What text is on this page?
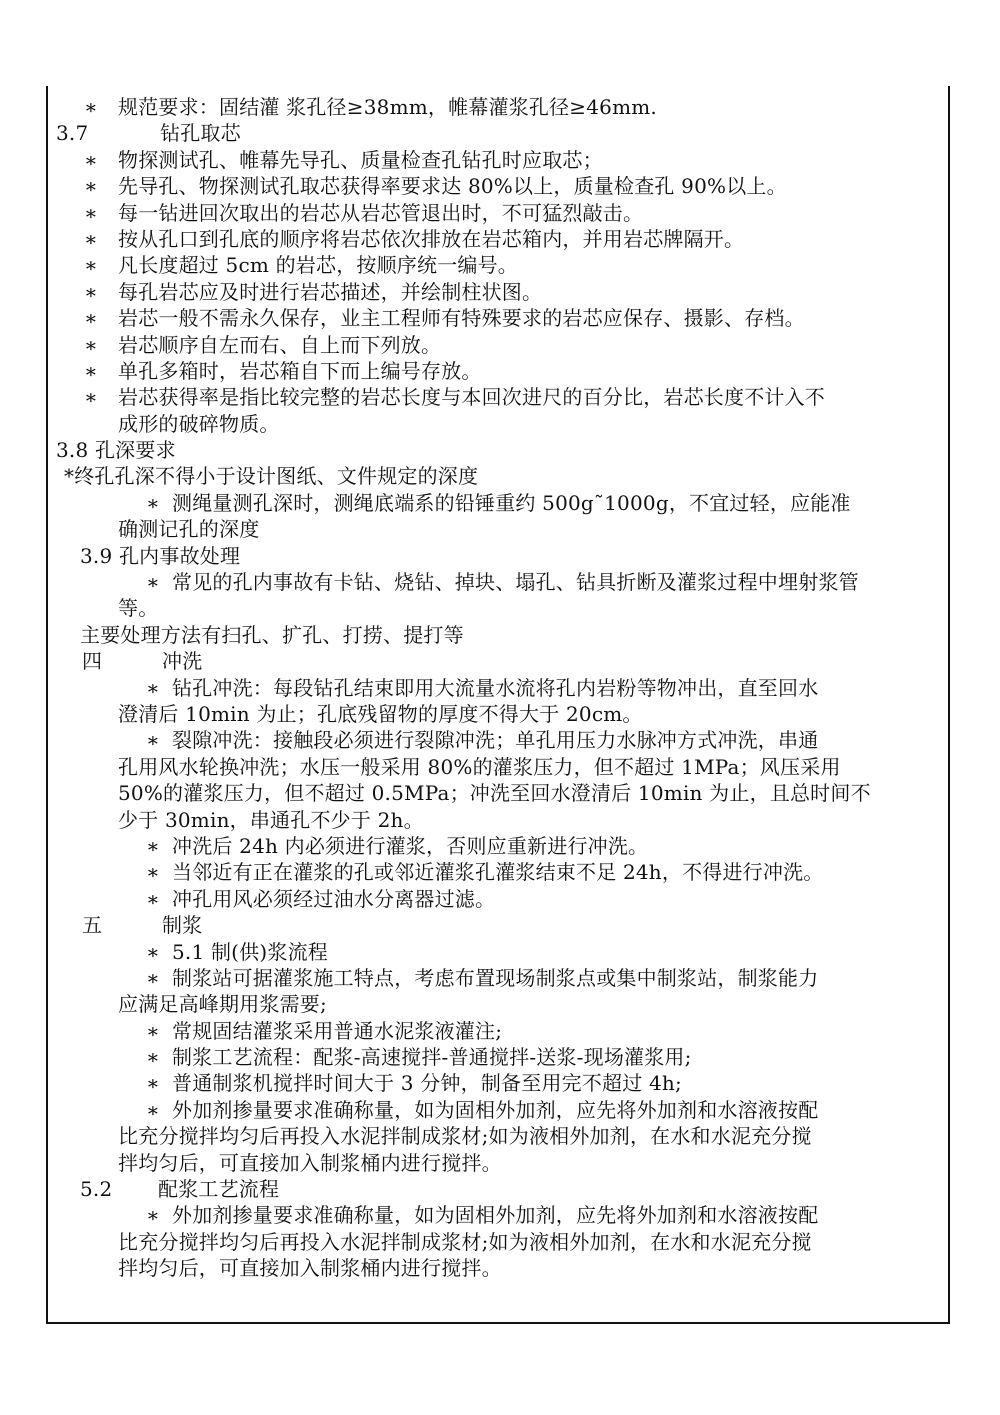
∗ 规范要求：固结灌 浆孔径≥38mm，帷幕灌浆孔径≥46mm.
3.7	钻孔取芯
∗ 物探测试孔、帷幕先导孔、质量检查孔钻孔时应取芯；
∗ 先导孔、物探测试孔取芯获得率要求达 80%以上，质量检查孔 90%以上。
∗ 每一钻进回次取出的岩芯从岩芯管退出时，不可猛烈敲击。
∗ 按从孔口到孔底的顺序将岩芯依次排放在岩芯箱内，并用岩芯牌隔开。
∗ 凡长度超过 5cm 的岩芯，按顺序统一编号。
∗ 每孔岩芯应及时进行岩芯描述，并绘制柱状图。
∗ 岩芯一般不需永久保存，业主工程师有特殊要求的岩芯应保存、摄影、存档。
∗ 岩芯顺序自左而右、自上而下列放。
∗ 单孔多箱时，岩芯箱自下而上编号存放。
∗ 岩芯获得率是指比较完整的岩芯长度与本回次进尺的百分比，岩芯长度不计入不
成形的破碎物质。
3.8 孔深要求
*终孔孔深不得小于设计图纸、文件规定的深度
∗ 测绳量测孔深时，测绳底端系的铅锤重约 500g˜1000g，不宜过轻，应能准
确测记孔的深度
3.9 孔内事故处理
∗ 常见的孔内事故有卡钻、烧钻、掉块、塌孔、钻具折断及灌浆过程中埋射浆管
等。
主要处理方法有扫孔、扩孔、打捞、提打等
四	冲洗
∗ 钻孔冲洗：每段钻孔结束即用大流量水流将孔内岩粉等物冲出，直至回水
澄清后 10min 为止；孔底残留物的厚度不得大于 20cm。
∗ 裂隙冲洗：接触段必须进行裂隙冲洗；单孔用压力水脉冲方式冲洗，串通
孔用风水轮换冲洗；水压一般采用 80%的灌浆压力，但不超过 1MPa；风压采用
50%的灌浆压力，但不超过 0.5MPa；冲洗至回水澄清后 10min 为止，且总时间不
少于 30min，串通孔不少于 2h。
∗ 冲洗后 24h 内必须进行灌浆，否则应重新进行冲洗。
∗ 当邻近有正在灌浆的孔或邻近灌浆孔灌浆结束不足 24h，不得进行冲洗。
∗ 冲孔用风必须经过油水分离器过滤。
五	制浆
∗ 5.1 制(供)浆流程
∗ 制浆站可据灌浆施工特点，考虑布置现场制浆点或集中制浆站，制浆能力
应满足高峰期用浆需要;
∗ 常规固结灌浆采用普通水泥浆液灌注;
∗ 制浆工艺流程：配浆-高速搅拌-普通搅拌-送浆-现场灌浆用;
∗ 普通制浆机搅拌时间大于 3 分钟，制备至用完不超过 4h;
∗ 外加剂掺量要求准确称量，如为固相外加剂，应先将外加剂和水溶液按配
比充分搅拌均匀后再投入水泥拌制成浆材;如为液相外加剂，在水和水泥充分搅
拌均匀后，可直接加入制浆桶内进行搅拌。
5.2 配浆工艺流程
∗ 外加剂掺量要求准确称量，如为固相外加剂，应先将外加剂和水溶液按配
比充分搅拌均匀后再投入水泥拌制成浆材;如为液相外加剂，在水和水泥充分搅
拌均匀后，可直接加入制浆桶内进行搅拌。
